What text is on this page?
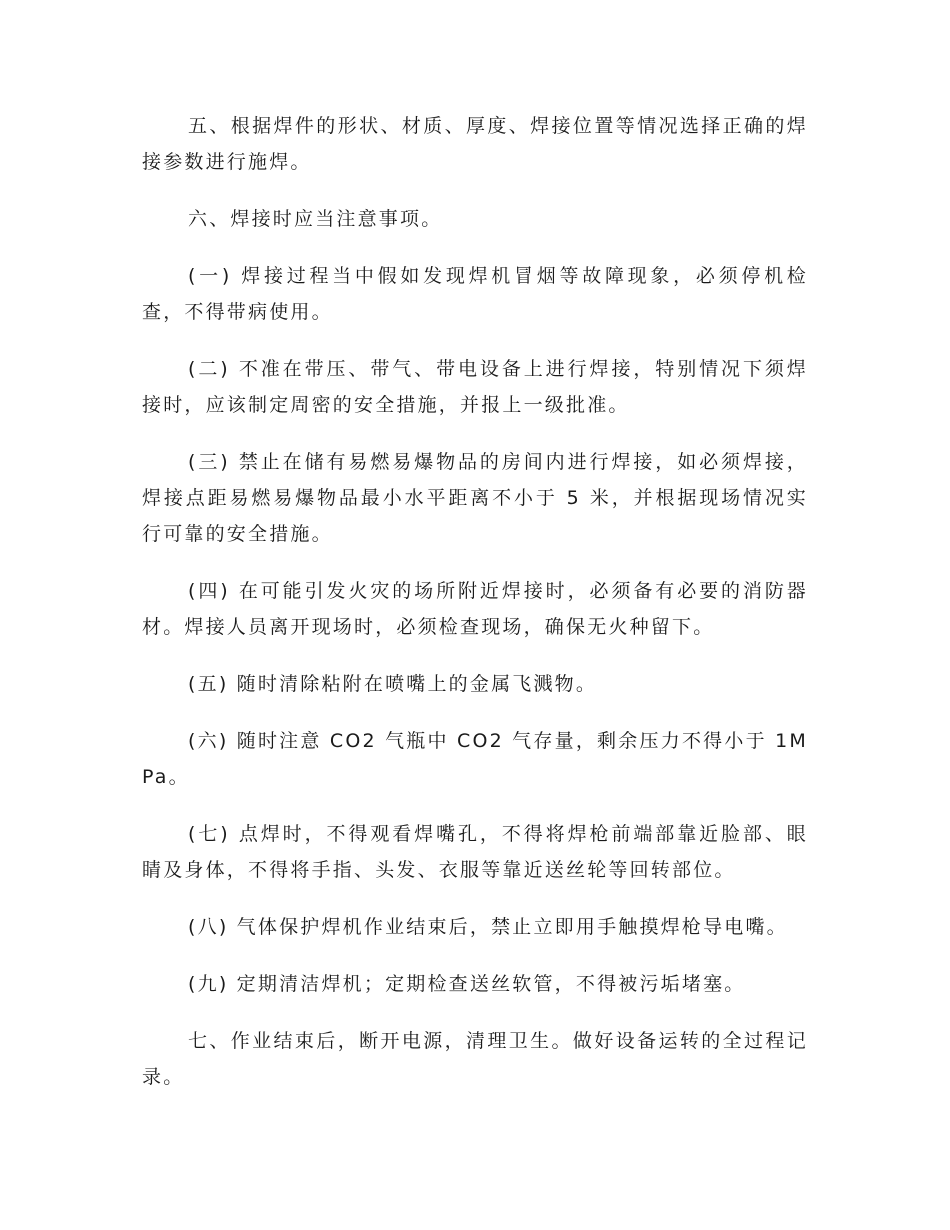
五、根据焊件的形状、材质、厚度、焊接位置等情况选择正确的焊接参数进行施焊。

六、焊接时应当注意事项。

(一) 焊接过程当中假如发现焊机冒烟等故障现象，必须停机检查，不得带病使用。

(二) 不准在带压、带气、带电设备上进行焊接，特别情况下须焊接时，应该制定周密的安全措施，并报上一级批准。

(三) 禁止在储有易燃易爆物品的房间内进行焊接，如必须焊接，焊接点距易燃易爆物品最小水平距离不小于 5 米，并根据现场情况实行可靠的安全措施。

(四) 在可能引发火灾的场所附近焊接时，必须备有必要的消防器材。焊接人员离开现场时，必须检查现场，确保无火种留下。

(五) 随时清除粘附在喷嘴上的金属飞溅物。

(六) 随时注意 CO2 气瓶中 CO2 气存量，剩余压力不得小于 1MPa。

(七) 点焊时，不得观看焊嘴孔，不得将焊枪前端部靠近脸部、眼睛及身体，不得将手指、头发、衣服等靠近送丝轮等回转部位。

(八) 气体保护焊机作业结束后，禁止立即用手触摸焊枪导电嘴。

(九) 定期清洁焊机；定期检查送丝软管，不得被污垢堵塞。

七、作业结束后，断开电源，清理卫生。做好设备运转的全过程记录。
